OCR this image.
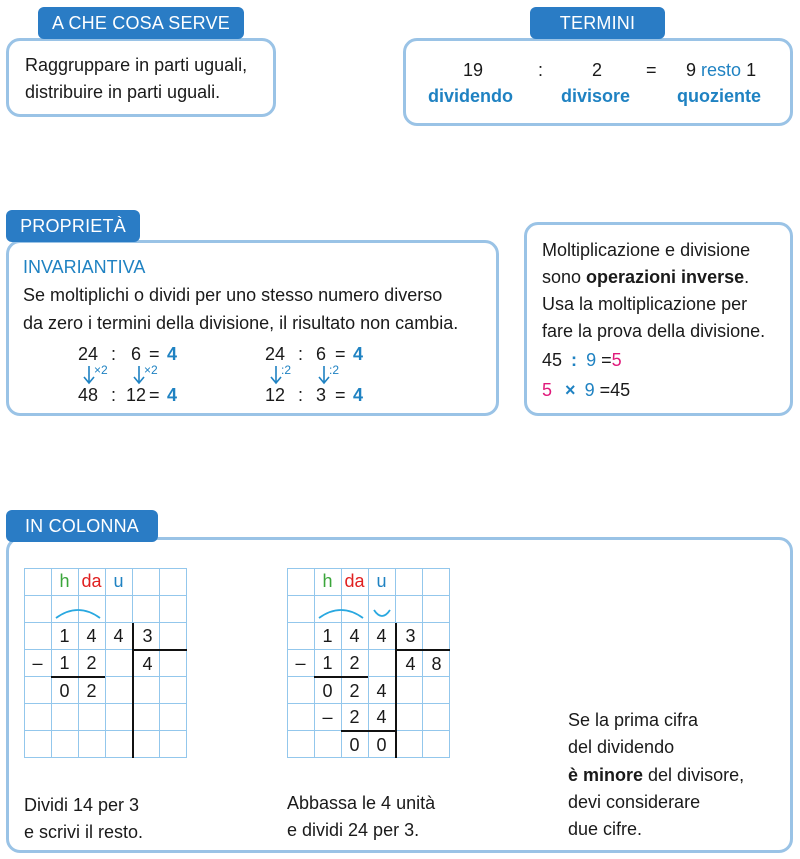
A CHE COSA SERVE
Raggruppare in parti uguali,
distribuire in parti uguali.
TERMINI
19	:	2 = 9 resto 1
dividendo	divisore	quoziente
PROPRIETÀ
INVARIANTIVA
Se moltiplichi o dividi per uno stesso numero diverso
da zero i termini della divisione, il risultato non cambia.
24 : 6 = 4
×2	×2
48 : 12 = 4
24 : 6 = 4
:2	:2
12 : 3 = 4
Moltiplicazione e divisione
sono operazioni inverse.
Usa la moltiplicazione per
fare la prova della divisione.
45 : 9 =5
5 × 9 =45
IN COLONNA
h da u
1 4 4	3
– 1 2	4
0 2
h da u
1 4 4	3
– 1 2	4 8
0 2 4
– 2 4
0 0
Dividi 14 per 3
e scrivi il resto.
Abbassa le 4 unità
e dividi 24 per 3.
Se la prima cifra
del dividendo
è minore del divisore,
devi considerare
due cifre.
